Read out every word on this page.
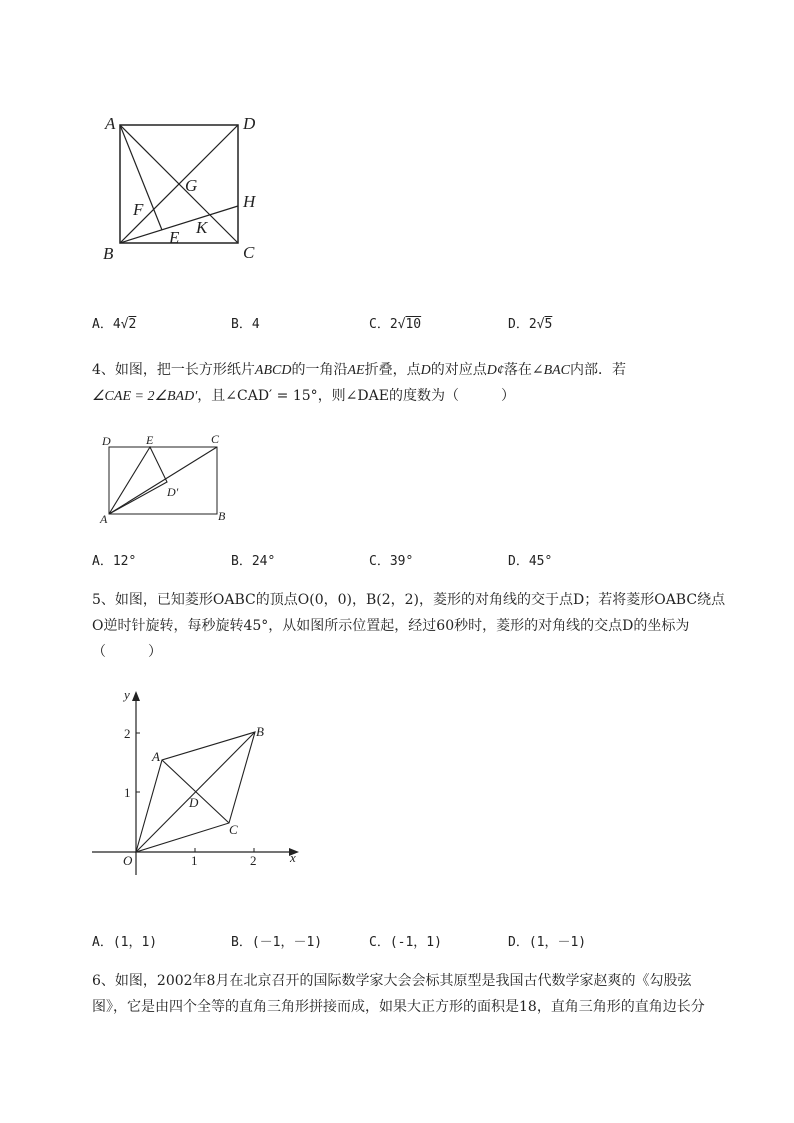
A	D
B	C
H
G
F
K
E
A．4√2	B．4	C．2√10	D．2√5
4、如图，把一长方形纸片ABCD的一角沿AE折叠，点D的对应点D¢落在∠BAC内部．若
∠CAE = 2∠BAD′，且∠CAD′ = 15°，则∠DAE的度数为（　　　）
D	E	C
D′
A	B
A．12°	B．24°	C．39°	D．45°
5、如图，已知菱形OABC的顶点O(0，0)，B(2，2)，菱形的对角线的交于点D；若将菱形OABC绕点
O逆时针旋转，每秒旋转45°，从如图所示位置起，经过60秒时，菱形的对角线的交点D的坐标为
（　　　）
y
x
O
A
B
C
D
1	2
1
2
A．(1，1)	B．(－1，－1)	C．(-1，1)	D．(1，－1)
6、如图，2002年8月在北京召开的国际数学家大会会标其原型是我国古代数学家赵爽的《勾股弦
图》，它是由四个全等的直角三角形拼接而成，如果大正方形的面积是18，直角三角形的直角边长分
